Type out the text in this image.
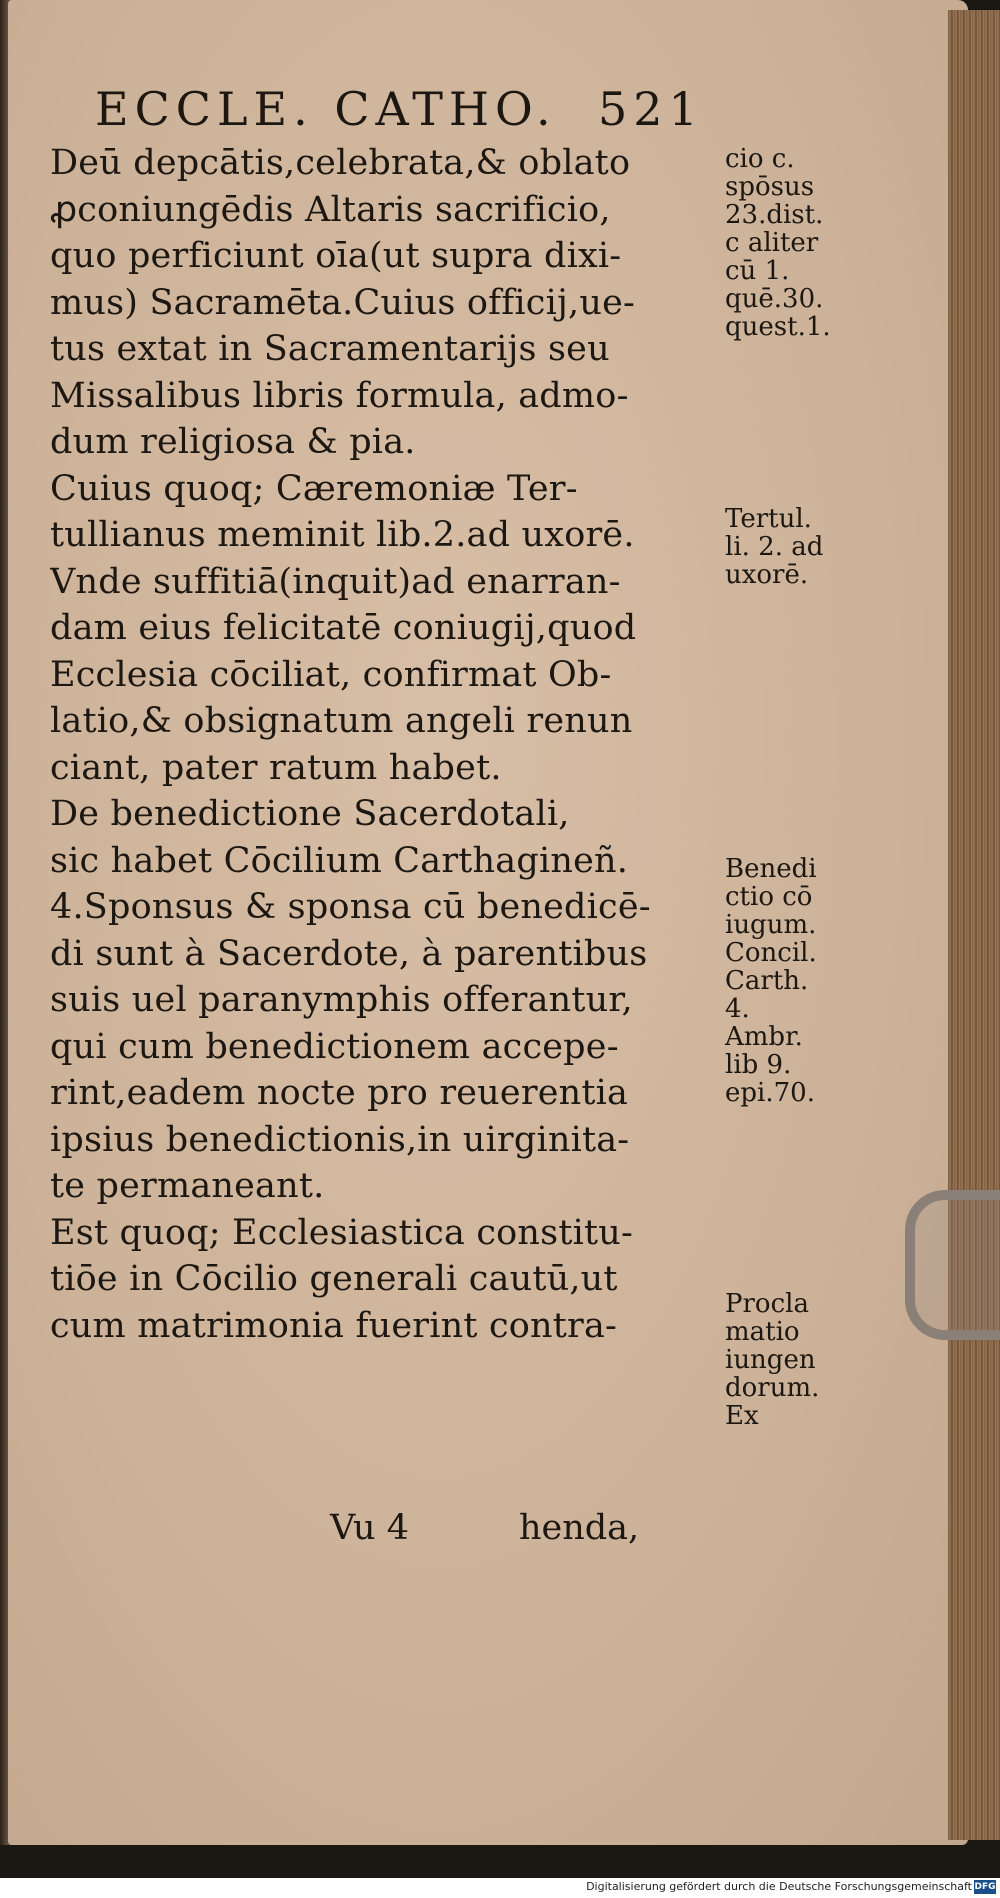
ECCLE. CATHO. 521
Deū depcātis,celebrata,& oblato
ꝓconiungēdis Altaris sacrificio,
quo perficiunt oīa(ut supra dixi-
mus) Sacramēta.Cuius officij,ue-
tus extat in Sacramentarijs seu
Missalibus libris formula, admo-
dum religiosa & pia.
Cuius quoq; Cæremoniæ Ter-
tullianus meminit lib.2.ad uxorē.
Vnde suffitiā(inquit)ad enarran-
dam eius felicitatē coniugij,quod
Ecclesia cōciliat, confirmat Ob-
latio,& obsignatum angeli renun
ciant, pater ratum habet.
De benedictione Sacerdotali,
sic habet Cōcilium Carthagineñ.
4.Sponsus & sponsa cū benedicē-
di sunt à Sacerdote, à parentibus
suis uel paranymphis offerantur,
qui cum benedictionem accepe-
rint,eadem nocte pro reuerentia
ipsius benedictionis,in uirginita-
te permaneant.
Est quoq; Ecclesiastica constitu-
tiōe in Cōcilio generali cautū,ut
cum matrimonia fuerint contra-
cio c.
spōsus
23.dist.
c aliter
cū 1.
quē.30.
quest.1.
Tertul.
li. 2. ad
uxorē.
Benedi
ctio cō
iugum.
Concil.
Carth.
4.
Ambr.
lib 9.
epi.70.
Procla
matio
iungen
dorum.
Ex
Vu 4	henda,
Digitalisierung gefördert durch die Deutsche Forschungsgemeinschaft DFG
